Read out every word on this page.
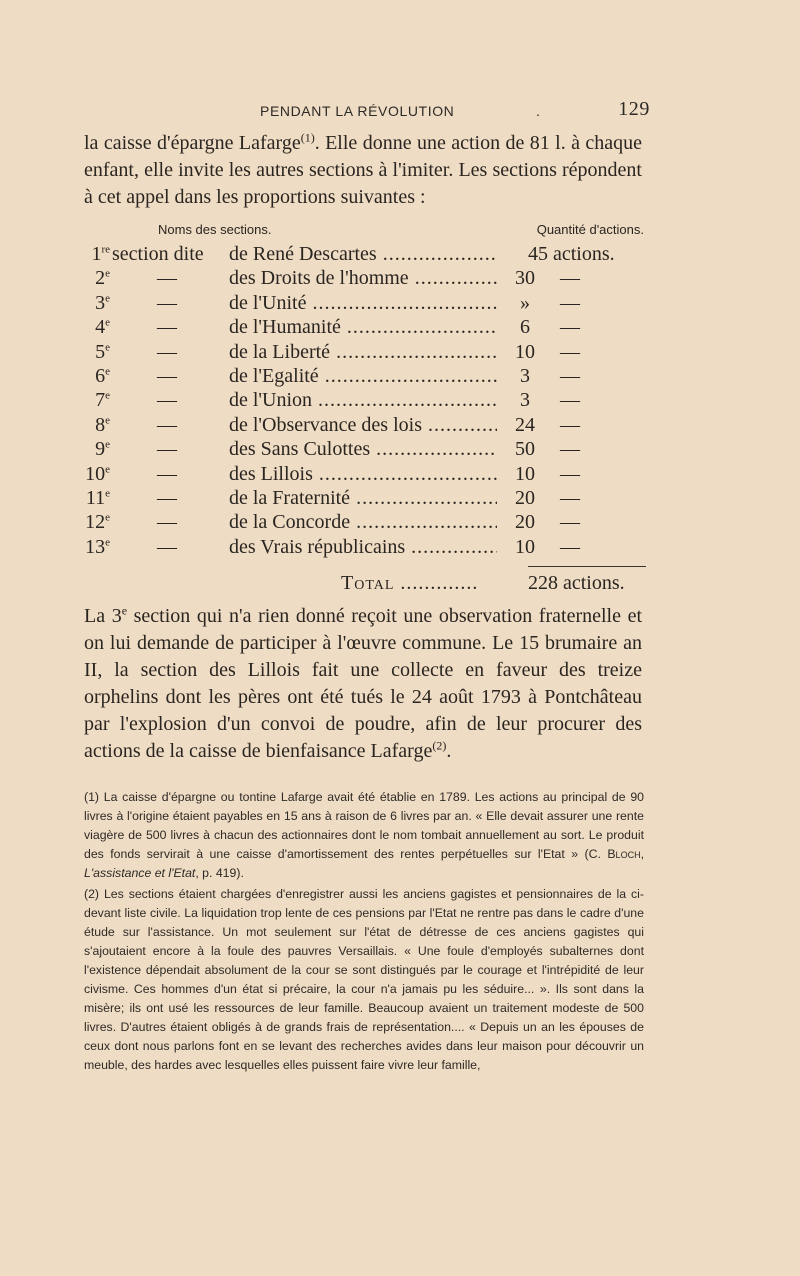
PENDANT LA RÉVOLUTION	.	129

la caisse d'épargne Lafarge$^{(1)}$. Elle donne une action de 81 l. à chaque enfant, elle invite les autres sections à l'imiter. Les sections répondent à cet appel dans les proportions suivantes :

Noms des sections.	Quantité d'actions.
1re section dite de René Descartes .....	45 actions.
2e —	des Droits de l'homme .....	30	—
3e —	de l'Unité .....	»	—
4e —	de l'Humanité .....	6	—
5e —	de la Liberté .....	10	—
6e —	de l'Egalité .....	3	—
7e —	de l'Union .....	3	—
8e —	de l'Observance des lois .....	24	—
9e —	des Sans Culottes .....	50	—
10e —	des Lillois .....	10	—
11e —	de la Fraternité .....	20	—
12e —	de la Concorde .....	20	—
13e —	des Vrais républicains .....	10	—
Total .....	228 actions.

La 3e section qui n'a rien donné reçoit une observation fraternelle et on lui demande de participer à l'œuvre commune. Le 15 brumaire an II, la section des Lillois fait une collecte en faveur des treize orphelins dont les pères ont été tués le 24 août 1793 à Pontchâteau par l'explosion d'un convoi de poudre, afin de leur procurer des actions de la caisse de bienfaisance Lafarge$^{(2)}$.

(1) La caisse d'épargne ou tontine Lafarge avait été établie en 1789. Les actions au principal de 90 livres à l'origine étaient payables en 15 ans à raison de 6 livres par an. « Elle devait assurer une rente viagère de 500 livres à chacun des actionnaires dont le nom tombait annuellement au sort. Le produit des fonds servirait à une caisse d'amortissement des rentes perpétuelles sur l'Etat » (C. Bloch, L'assistance et l'Etat, p. 419).

(2) Les sections étaient chargées d'enregistrer aussi les anciens gagistes et pensionnaires de la ci-devant liste civile. La liquidation trop lente de ces pensions par l'Etat ne rentre pas dans le cadre d'une étude sur l'assistance. Un mot seulement sur l'état de détresse de ces anciens gagistes qui s'ajoutaient encore à la foule des pauvres Versaillais. « Une foule d'employés subalternes dont l'existence dépendait absolument de la cour se sont distingués par le courage et l'intrépidité de leur civisme. Ces hommes d'un état si précaire, la cour n'a jamais pu les séduire... ». Ils sont dans la misère; ils ont usé les ressources de leur famille. Beaucoup avaient un traitement modeste de 500 livres. D'autres étaient obligés à de grands frais de représentation.... « Depuis un an les épouses de ceux dont nous parlons font en se levant des recherches avides dans leur maison pour découvrir un meuble, des hardes avec lesquelles elles puissent faire vivre leur famille,
